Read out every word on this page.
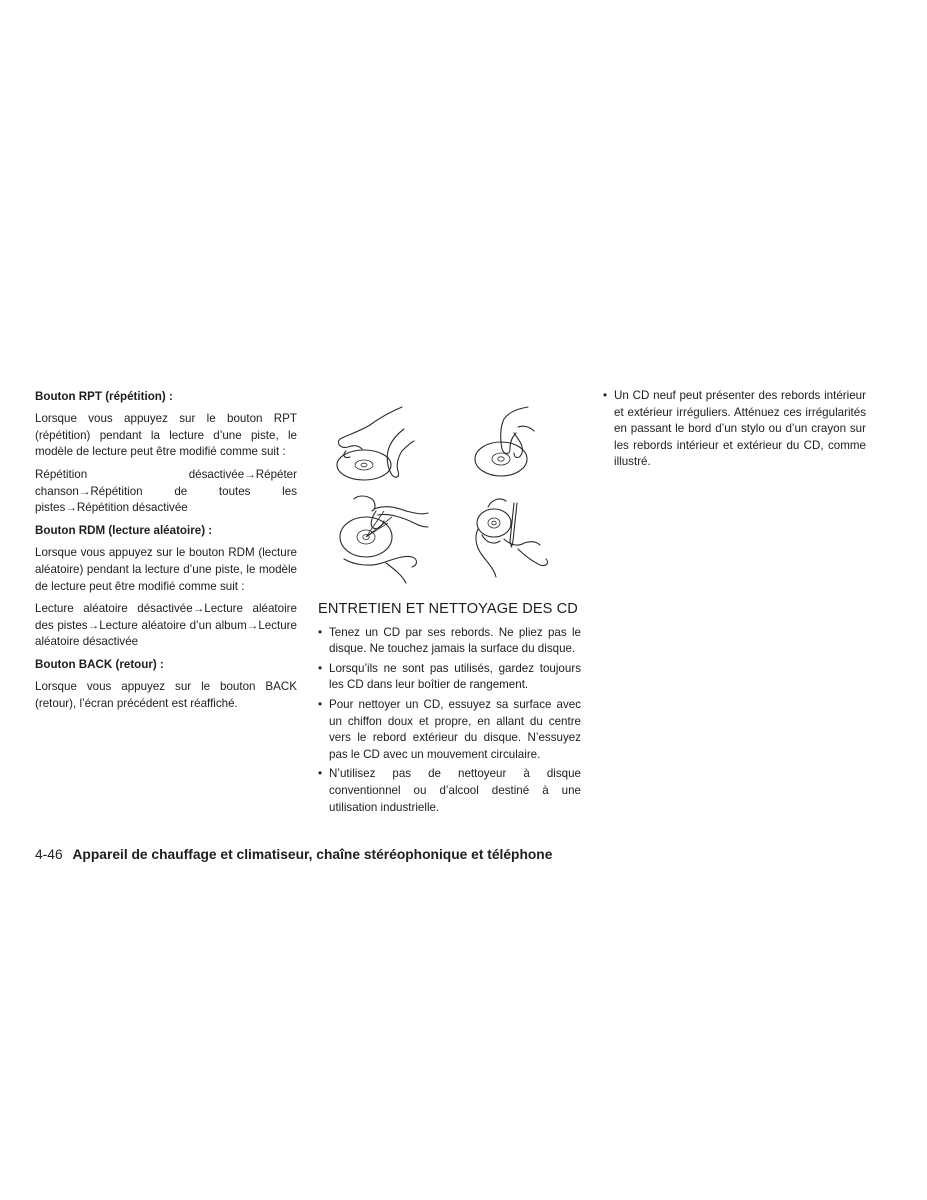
Bouton RPT (répétition) :

Lorsque vous appuyez sur le bouton RPT (répétition) pendant la lecture d’une piste, le modèle de lecture peut être modifié comme suit :

Répétition désactivée→Répéter chanson→Répétition de toutes les pistes→Répétition désactivée

Bouton RDM (lecture aléatoire) :

Lorsque vous appuyez sur le bouton RDM (lecture aléatoire) pendant la lecture d’une piste, le modèle de lecture peut être modifié comme suit :

Lecture aléatoire désactivée→Lecture aléatoire des pistes→Lecture aléatoire d’un album→Lecture aléatoire désactivée

Bouton BACK (retour) :

Lorsque vous appuyez sur le bouton BACK (retour), l’écran précédent est réaffiché.

ENTRETIEN ET NETTOYAGE DES CD
• Tenez un CD par ses rebords. Ne pliez pas le disque. Ne touchez jamais la surface du disque.
• Lorsqu’ils ne sont pas utilisés, gardez toujours les CD dans leur boîtier de rangement.
• Pour nettoyer un CD, essuyez sa surface avec un chiffon doux et propre, en allant du centre vers le rebord extérieur du disque. N’essuyez pas le CD avec un mouvement circulaire.
• N’utilisez pas de nettoyeur à disque conventionnel ou d’alcool destiné à une utilisation industrielle.
• Un CD neuf peut présenter des rebords intérieur et extérieur irréguliers. Atténuez ces irrégularités en passant le bord d’un stylo ou d’un crayon sur les rebords intérieur et extérieur du CD, comme illustré.
4-46 Appareil de chauffage et climatiseur, chaîne stéréophonique et téléphone
